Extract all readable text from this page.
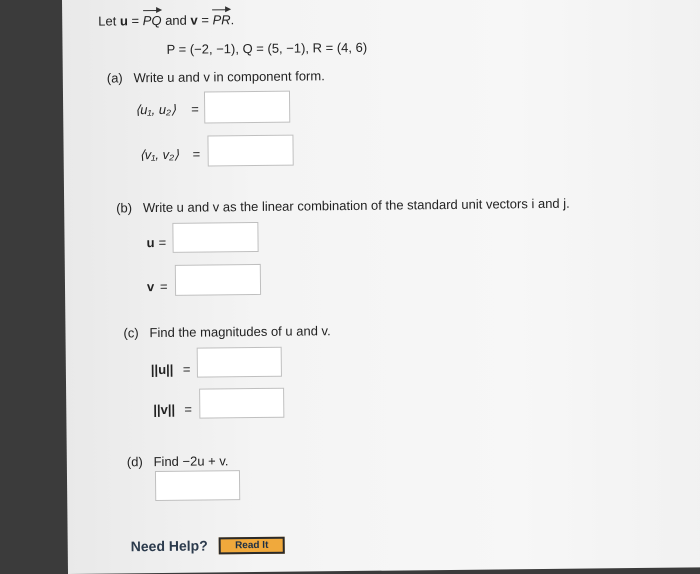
Let u = PQ and v = PR.
P = (−2, −1), Q = (5, −1), R = (4, 6)
(a) Write u and v in component form.
⟨u₁, u₂⟩ =
⟨v₁, v₂⟩ =
(b) Write u and v as the linear combination of the standard unit vectors i and j.
u =
v =
(c) Find the magnitudes of u and v.
||u|| =
||v|| =
(d) Find −2u + v.
Need Help?	Read It
